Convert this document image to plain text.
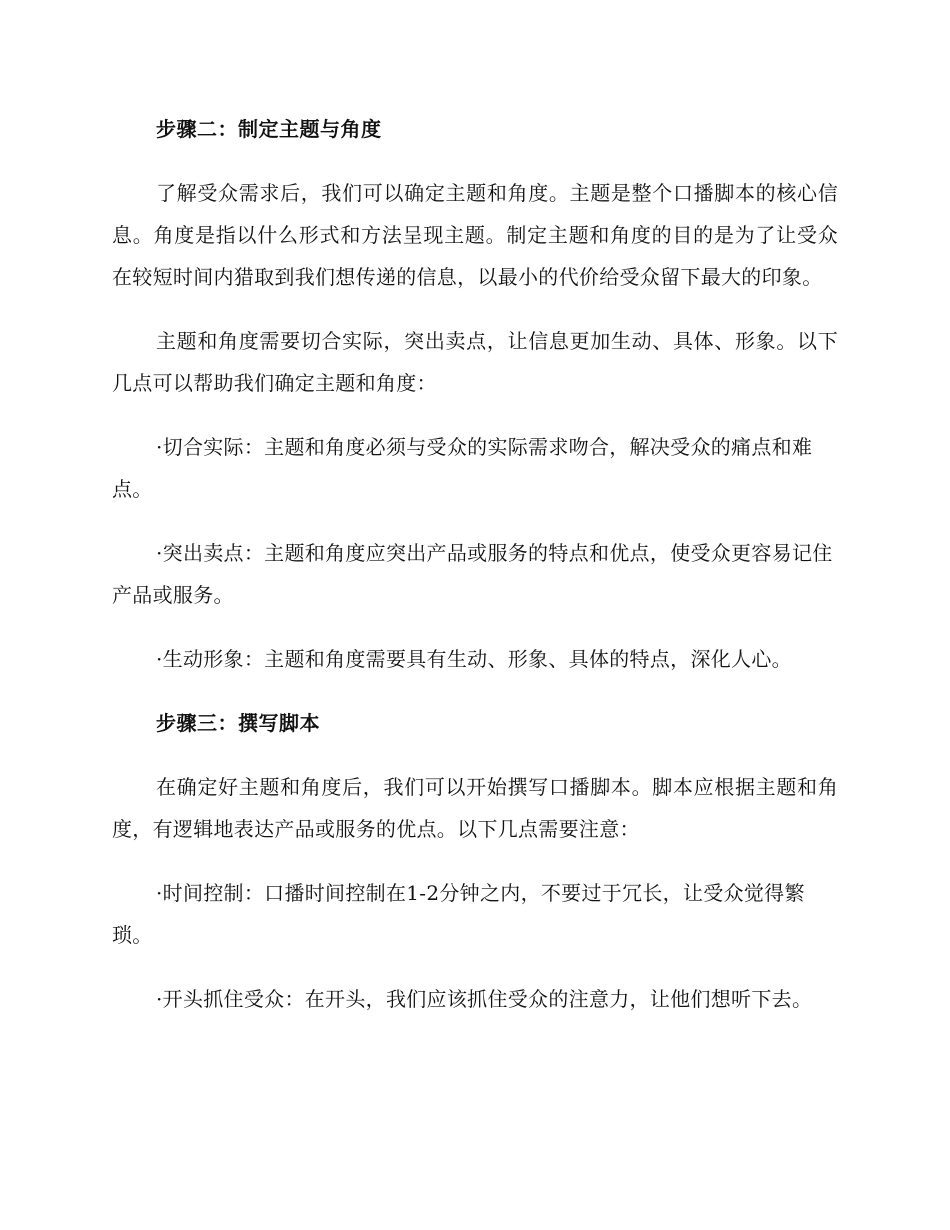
步骤二：制定主题与角度

了解受众需求后，我们可以确定主题和角度。主题是整个口播脚本的核心信息。角度是指以什么形式和方法呈现主题。制定主题和角度的目的是为了让受众在较短时间内猎取到我们想传递的信息，以最小的代价给受众留下最大的印象。

主题和角度需要切合实际，突出卖点，让信息更加生动、具体、形象。以下几点可以帮助我们确定主题和角度：

·切合实际：主题和角度必须与受众的实际需求吻合，解决受众的痛点和难点。

·突出卖点：主题和角度应突出产品或服务的特点和优点，使受众更容易记住产品或服务。

·生动形象：主题和角度需要具有生动、形象、具体的特点，深化人心。

步骤三：撰写脚本

在确定好主题和角度后，我们可以开始撰写口播脚本。脚本应根据主题和角度，有逻辑地表达产品或服务的优点。以下几点需要注意：

·时间控制：口播时间控制在1-2分钟之内，不要过于冗长，让受众觉得繁琐。

·开头抓住受众：在开头，我们应该抓住受众的注意力，让他们想听下去。
